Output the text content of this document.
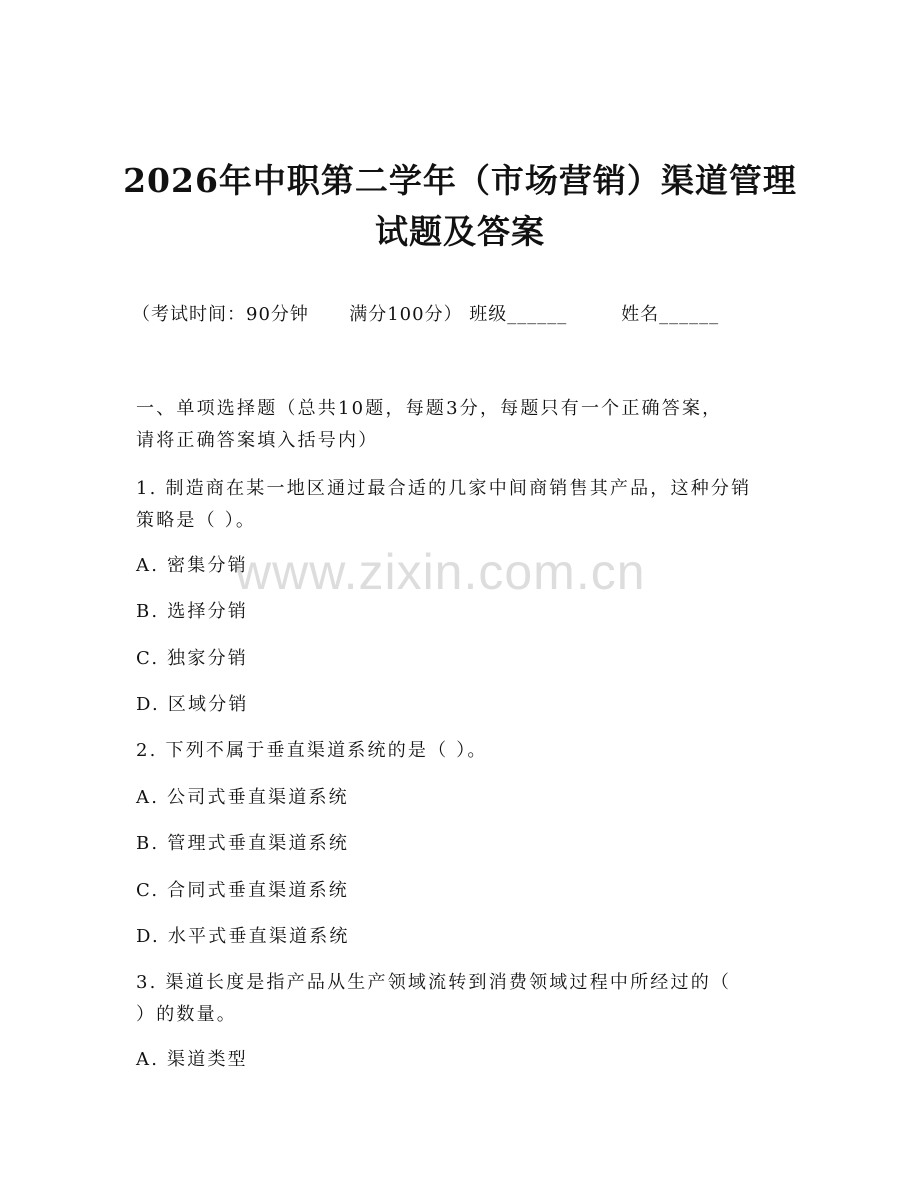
2026年中职第二学年（市场营销）渠道管理
试题及答案
（考试时间：90分钟      满分100分） 班级______        姓名______
一、单项选择题（总共10题，每题3分，每题只有一个正确答案，
请将正确答案填入括号内）
1. 制造商在某一地区通过最合适的几家中间商销售其产品，这种分销
策略是（ ）。
A. 密集分销
B. 选择分销
C. 独家分销
D. 区域分销
2. 下列不属于垂直渠道系统的是（ ）。
A. 公司式垂直渠道系统
B. 管理式垂直渠道系统
C. 合同式垂直渠道系统
D. 水平式垂直渠道系统
3. 渠道长度是指产品从生产领域流转到消费领域过程中所经过的（
）的数量。
A. 渠道类型
www.zixin.com.cn
